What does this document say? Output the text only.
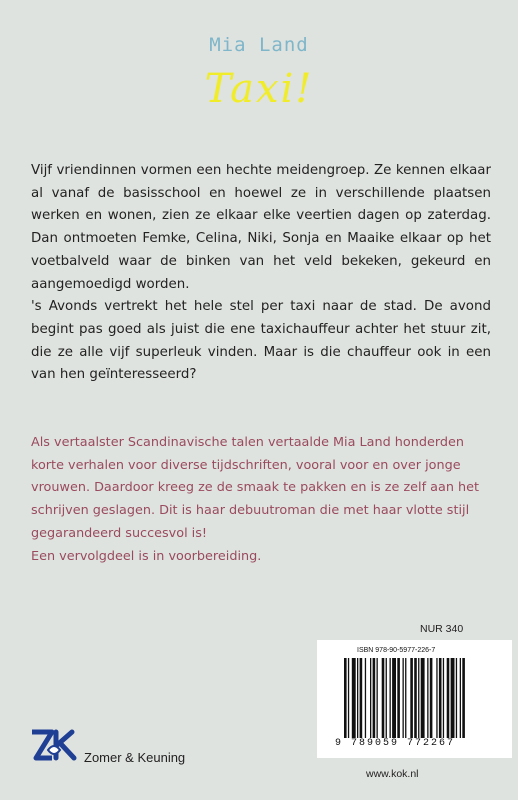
Mia Land
Taxi!

Vijf vriendinnen vormen een hechte meidengroep. Ze kennen elkaar al vanaf de basisschool en hoewel ze in verschillende plaatsen werken en wonen, zien ze elkaar elke veertien dagen op zaterdag. Dan ontmoeten Femke, Celina, Niki, Sonja en Maaike elkaar op het voetbalveld waar de binken van het veld bekeken, gekeurd en aangemoedigd worden.

's Avonds vertrekt het hele stel per taxi naar de stad. De avond begint pas goed als juist die ene taxichauffeur achter het stuur zit, die ze alle vijf superleuk vinden. Maar is die chauffeur ook in een van hen geïnteresseerd?

Als vertaalster Scandinavische talen vertaalde Mia Land honderden korte verhalen voor diverse tijdschriften, vooral voor en over jonge vrouwen. Daardoor kreeg ze de smaak te pakken en is ze zelf aan het schrijven geslagen. Dit is haar debuutroman die met haar vlotte stijl gegarandeerd succesvol is!

Een vervolgdeel is in voorbereiding.

NUR 340
ISBN 978-90-5977-226-7
9 789059 772267
Zomer & Keuning
www.kok.nl
